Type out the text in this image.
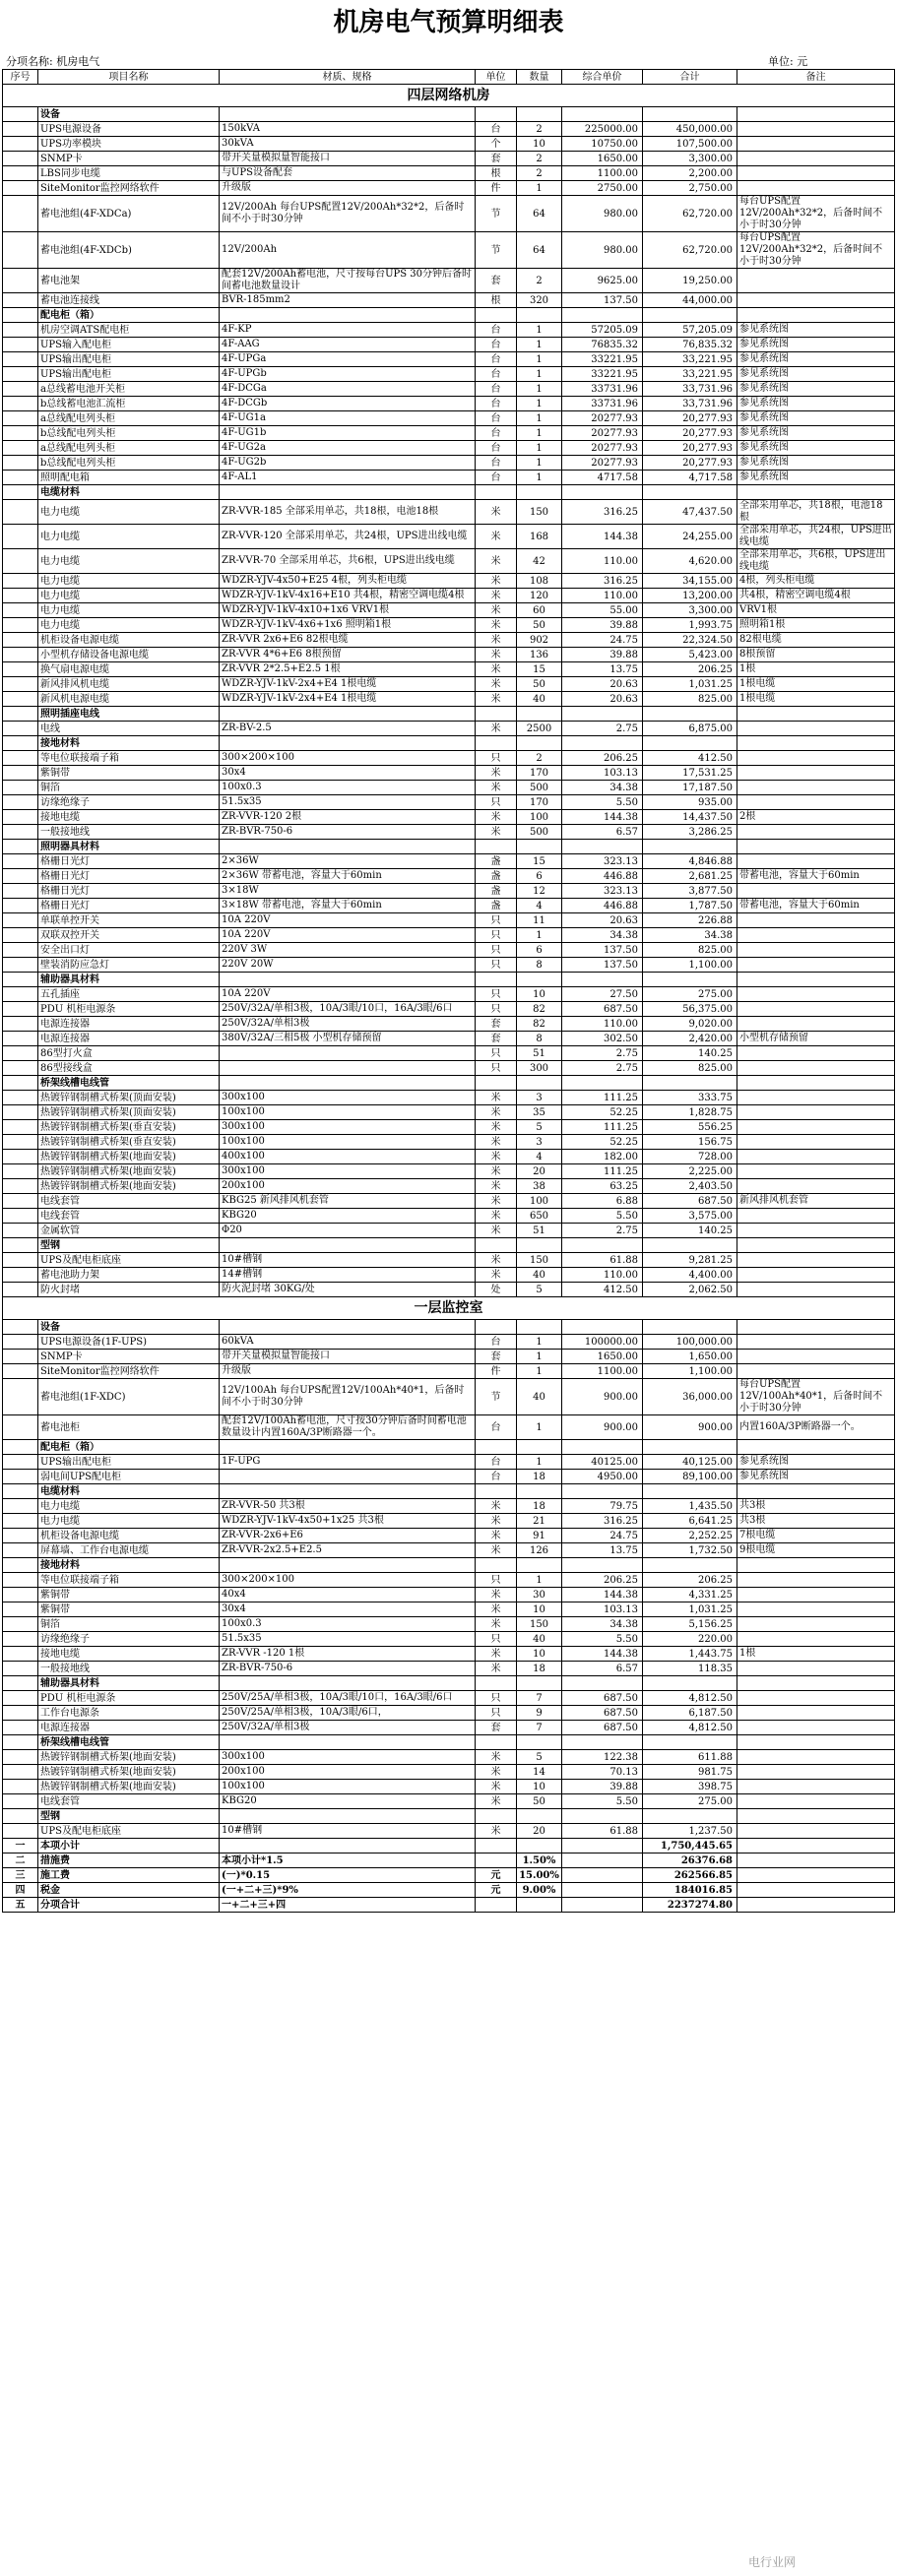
机房电气预算明细表
分项名称: 机房电气	单位: 元
序号	项目名称	材质、规格	单位	数量	综合单价	合计	备注
四层网络机房							
	设备						
	UPS电源设备	150kVA	台	2	225000.00	450,000.00	
	UPS功率模块	30kVA	个	10	10750.00	107,500.00	
	SNMP卡	带开关量模拟量智能接口	套	2	1650.00	3,300.00	
	LBS同步电缆	与UPS设备配套	根	2	1100.00	2,200.00	
	SiteMonitor监控网络软件	升级版	件	1	2750.00	2,750.00	
	蓄电池组(4F-XDCa)	12V/200Ah 每台UPS配置12V/200Ah*32*2，后备时间不小于时30分钟	节	64	980.00	62,720.00	每台UPS配置12V/200Ah*32*2，后备时间不小于时30分钟
	蓄电池组(4F-XDCb)	12V/200Ah	节	64	980.00	62,720.00	每台UPS配置12V/200Ah*32*2，后备时间不小于时30分钟
	蓄电池架	配套12V/200Ah蓄电池，尺寸按每台UPS 30分钟后备时间蓄电池数量设计	套	2	9625.00	19,250.00	
	蓄电池连接线	BVR-185mm2	根	320	137.50	44,000.00	
	配电柜（箱）						
	机房空调ATS配电柜	4F-KP	台	1	57205.09	57,205.09	参见系统图
	UPS输入配电柜	4F-AAG	台	1	76835.32	76,835.32	参见系统图
	UPS输出配电柜	4F-UPGa	台	1	33221.95	33,221.95	参见系统图
	UPS输出配电柜	4F-UPGb	台	1	33221.95	33,221.95	参见系统图
	a总线蓄电池开关柜	4F-DCGa	台	1	33731.96	33,731.96	参见系统图
	b总线蓄电池汇流柜	4F-DCGb	台	1	33731.96	33,731.96	参见系统图
	a总线配电列头柜	4F-UG1a	台	1	20277.93	20,277.93	参见系统图
	b总线配电列头柜	4F-UG1b	台	1	20277.93	20,277.93	参见系统图
	a总线配电列头柜	4F-UG2a	台	1	20277.93	20,277.93	参见系统图
	b总线配电列头柜	4F-UG2b	台	1	20277.93	20,277.93	参见系统图
	照明配电箱	4F-AL1	台	1	4717.58	4,717.58	参见系统图
	电缆材料						
	电力电缆	ZR-VVR-185 全部采用单芯，共18根，电池18根	米	150	316.25	47,437.50	全部采用单芯，共18根，电池18根
	电力电缆	ZR-VVR-120 全部采用单芯，共24根，UPS进出线电缆	米	168	144.38	24,255.00	全部采用单芯，共24根，UPS进出线电缆
	电力电缆	ZR-VVR-70 全部采用单芯，共6根，UPS进出线电缆	米	42	110.00	4,620.00	全部采用单芯，共6根，UPS进出线电缆
	电力电缆	WDZR-YJV-4x50+E25 4根，列头柜电缆	米	108	316.25	34,155.00	4根，列头柜电缆
	电力电缆	WDZR-YJV-1kV-4x16+E10 共4根，精密空调电缆4根	米	120	110.00	13,200.00	共4根，精密空调电缆4根
	电力电缆	WDZR-YJV-1kV-4x10+1x6 VRV1根	米	60	55.00	3,300.00	VRV1根
	电力电缆	WDZR-YJV-1kV-4x6+1x6 照明箱1根	米	50	39.88	1,993.75	照明箱1根
	机柜设备电源电缆	ZR-VVR 2x6+E6 82根电缆	米	902	24.75	22,324.50	82根电缆
	小型机存储设备电源电缆	ZR-VVR 4*6+E6 8根预留	米	136	39.88	5,423.00	8根预留
	换气扇电源电缆	ZR-VVR 2*2.5+E2.5 1根	米	15	13.75	206.25	1根
	新风排风机电缆	WDZR-YJV-1kV-2x4+E4 1根电缆	米	50	20.63	1,031.25	1根电缆
	新风机电源电缆	WDZR-YJV-1kV-2x4+E4 1根电缆	米	40	20.63	825.00	1根电缆
	照明插座电线						
	电线	ZR-BV-2.5	米	2500	2.75	6,875.00	
	接地材料						
	等电位联接端子箱	300×200×100	只	2	206.25	412.50	
	紫铜带	30x4	米	170	103.13	17,531.25	
	铜箔	100x0.3	米	500	34.38	17,187.50	
	访缘绝缘子	51.5x35	只	170	5.50	935.00	
	接地电缆	ZR-VVR-120 2根	米	100	144.38	14,437.50	2根
	一般接地线	ZR-BVR-750-6	米	500	6.57	3,286.25	
	照明器具材料						
	格栅日光灯	2×36W	盏	15	323.13	4,846.88	
	格栅日光灯	2×36W 带蓄电池，容量大于60min	盏	6	446.88	2,681.25	带蓄电池，容量大于60min
	格栅日光灯	3×18W	盏	12	323.13	3,877.50	
	格栅日光灯	3×18W 带蓄电池，容量大于60min	盏	4	446.88	1,787.50	带蓄电池，容量大于60min
	单联单控开关	10A 220V	只	11	20.63	226.88	
	双联双控开关	10A 220V	只	1	34.38	34.38	
	安全出口灯	220V 3W	只	6	137.50	825.00	
	壁装消防应急灯	220V 20W	只	8	137.50	1,100.00	
	辅助器具材料						
	五孔插座	10A 220V	只	10	27.50	275.00	
	PDU 机柜电源条	250V/32A/单相3极，10A/3眼/10口，16A/3眼/6口	只	82	687.50	56,375.00	
	电源连接器	250V/32A/单相3极	套	82	110.00	9,020.00	
	电源连接器	380V/32A/三相5极 小型机存储预留	套	8	302.50	2,420.00	小型机存储预留
	86型打火盒		只	51	2.75	140.25	
	86型接线盒		只	300	2.75	825.00	
	桥架线槽电线管						
	热镀锌钢制槽式桥架(顶面安装)	300x100	米	3	111.25	333.75	
	热镀锌钢制槽式桥架(顶面安装)	100x100	米	35	52.25	1,828.75	
	热镀锌钢制槽式桥架(垂直安装)	300x100	米	5	111.25	556.25	
	热镀锌钢制槽式桥架(垂直安装)	100x100	米	3	52.25	156.75	
	热镀锌钢制槽式桥架(地面安装)	400x100	米	4	182.00	728.00	
	热镀锌钢制槽式桥架(地面安装)	300x100	米	20	111.25	2,225.00	
	热镀锌钢制槽式桥架(地面安装)	200x100	米	38	63.25	2,403.50	
	电线套管	KBG25 新风排风机套管	米	100	6.88	687.50	新风排风机套管
	电线套管	KBG20	米	650	5.50	3,575.00	
	金属软管	Φ20	米	51	2.75	140.25	
	型钢						
	UPS及配电柜底座	10#槽钢	米	150	61.88	9,281.25	
	蓄电池助力架	14#槽钢	米	40	110.00	4,400.00	
	防火封堵	防火泥封堵 30KG/处	处	5	412.50	2,062.50	
一层监控室							
	设备						
	UPS电源设备(1F-UPS)	60kVA	台	1	100000.00	100,000.00	
	SNMP卡	带开关量模拟量智能接口	套	1	1650.00	1,650.00	
	SiteMonitor监控网络软件	升级版	件	1	1100.00	1,100.00	
	蓄电池组(1F-XDC)	12V/100Ah 每台UPS配置12V/100Ah*40*1，后备时间不小于时30分钟	节	40	900.00	36,000.00	每台UPS配置12V/100Ah*40*1，后备时间不小于时30分钟
	蓄电池柜	配套12V/100Ah蓄电池，尺寸按30分钟后备时间蓄电池数量设计内置160A/3P断路器一个。	台	1	900.00	900.00	内置160A/3P断路器一个。
	配电柜（箱）						
	UPS输出配电柜	1F-UPG	台	1	40125.00	40,125.00	参见系统图
	弱电间UPS配电柜		台	18	4950.00	89,100.00	参见系统图
	电缆材料						
	电力电缆	ZR-VVR-50 共3根	米	18	79.75	1,435.50	共3根
	电力电缆	WDZR-YJV-1kV-4x50+1x25 共3根	米	21	316.25	6,641.25	共3根
	机柜设备电源电缆	ZR-VVR-2x6+E6	米	91	24.75	2,252.25	7根电缆
	屏幕墙、工作台电源电缆	ZR-VVR-2x2.5+E2.5	米	126	13.75	1,732.50	9根电缆
	接地材料						
	等电位联接端子箱	300×200×100	只	1	206.25	206.25	
	紫铜带	40x4	米	30	144.38	4,331.25	
	紫铜带	30x4	米	10	103.13	1,031.25	
	铜箔	100x0.3	米	150	34.38	5,156.25	
	访缘绝缘子	51.5x35	只	40	5.50	220.00	
	接地电缆	ZR-VVR -120 1根	米	10	144.38	1,443.75	1根
	一般接地线	ZR-BVR-750-6	米	18	6.57	118.35	
	辅助器具材料						
	PDU 机柜电源条	250V/25A/单相3极，10A/3眼/10口，16A/3眼/6口	只	7	687.50	4,812.50	
	工作台电源条	250V/25A/单相3极，10A/3眼/6口，	只	9	687.50	6,187.50	
	电源连接器	250V/32A/单相3极	套	7	687.50	4,812.50	
	桥架线槽电线管						
	热镀锌钢制槽式桥架(地面安装)	300x100	米	5	122.38	611.88	
	热镀锌钢制槽式桥架(地面安装)	200x100	米	14	70.13	981.75	
	热镀锌钢制槽式桥架(地面安装)	100x100	米	10	39.88	398.75	
	电线套管	KBG20	米	50	5.50	275.00	
	型钢						
	UPS及配电柜底座	10#槽钢	米	20	61.88	1,237.50	
一	本项小计					1,750,445.65	
二	措施费	本项小计*1.5		1.50%		26376.68	
三	施工费	(一)*0.15	元	15.00%		262566.85	
四	税金	(一+二+三)*9%	元	9.00%		184016.85	
五	分项合计	一+二+三+四				2237274.80	
电行业网
